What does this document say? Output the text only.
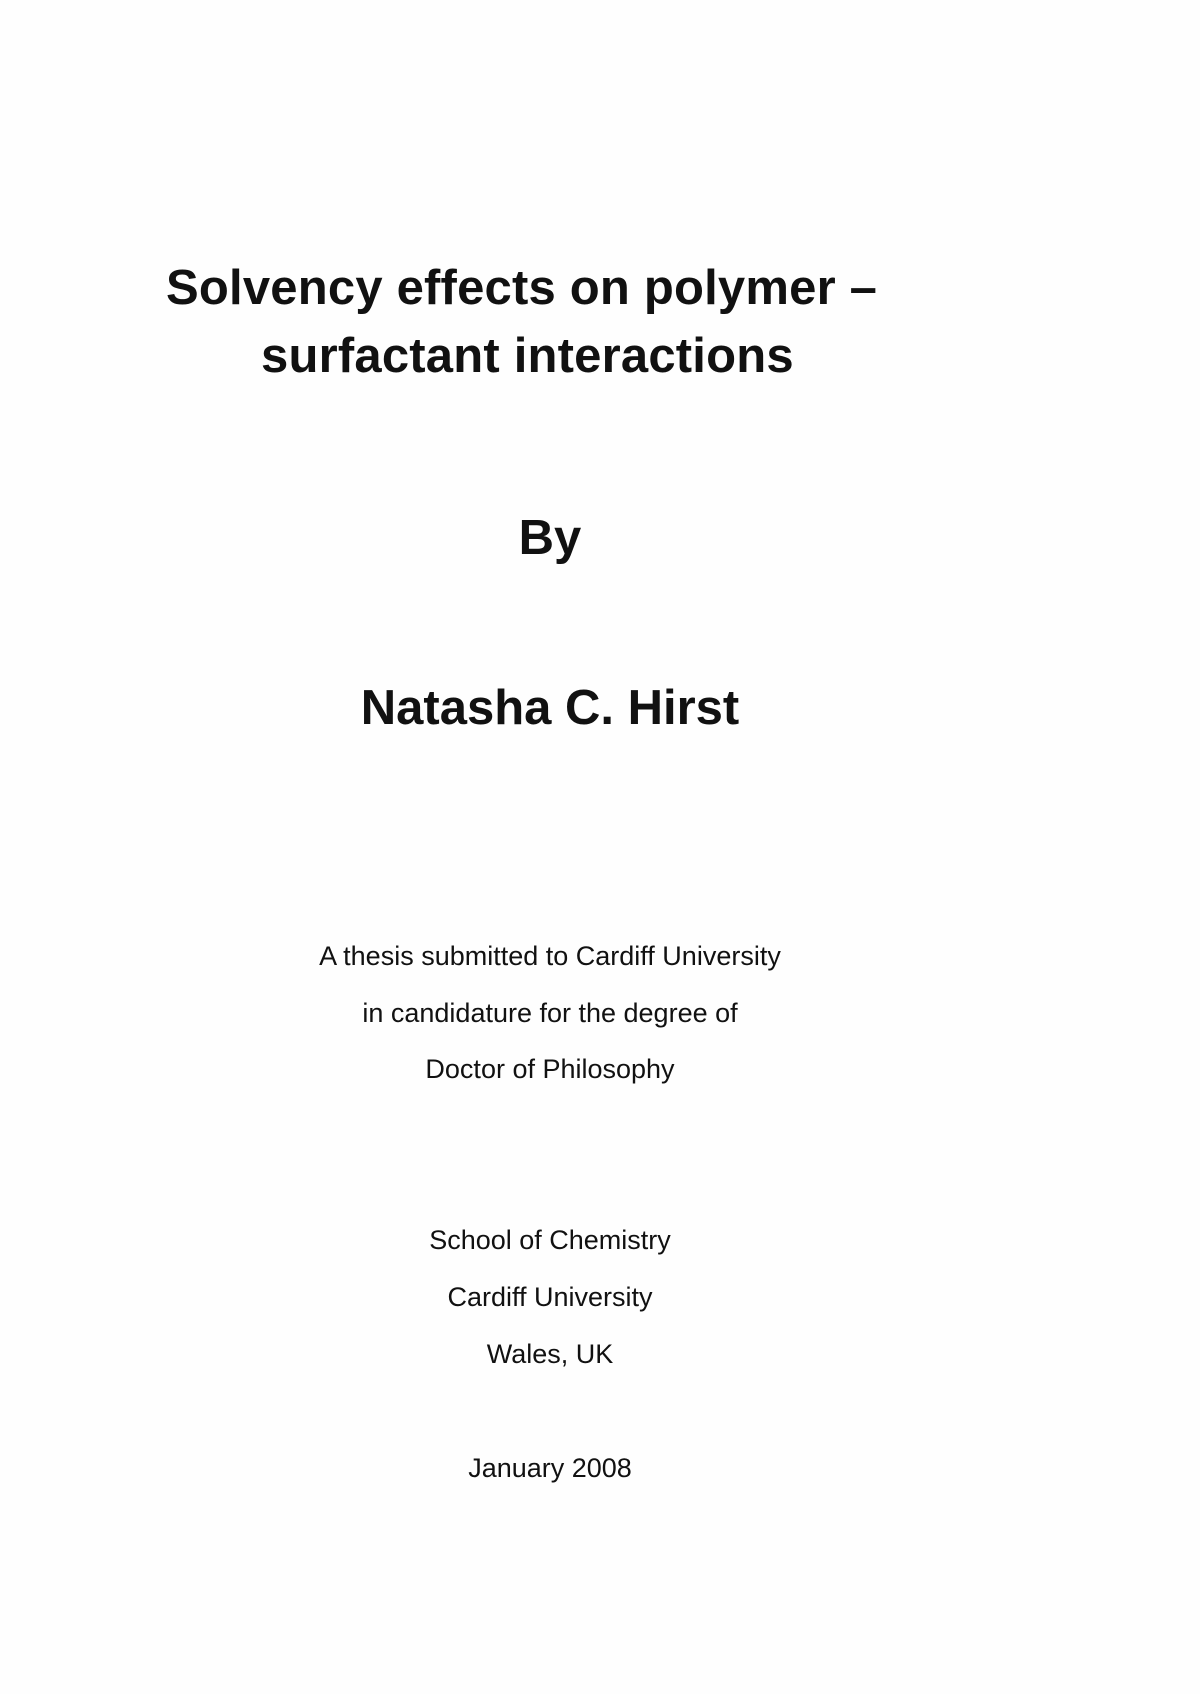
Solvency effects on polymer –
surfactant interactions
By
Natasha C. Hirst
A thesis submitted to Cardiff University
in candidature for the degree of
Doctor of Philosophy
School of Chemistry
Cardiff University
Wales, UK
January 2008
